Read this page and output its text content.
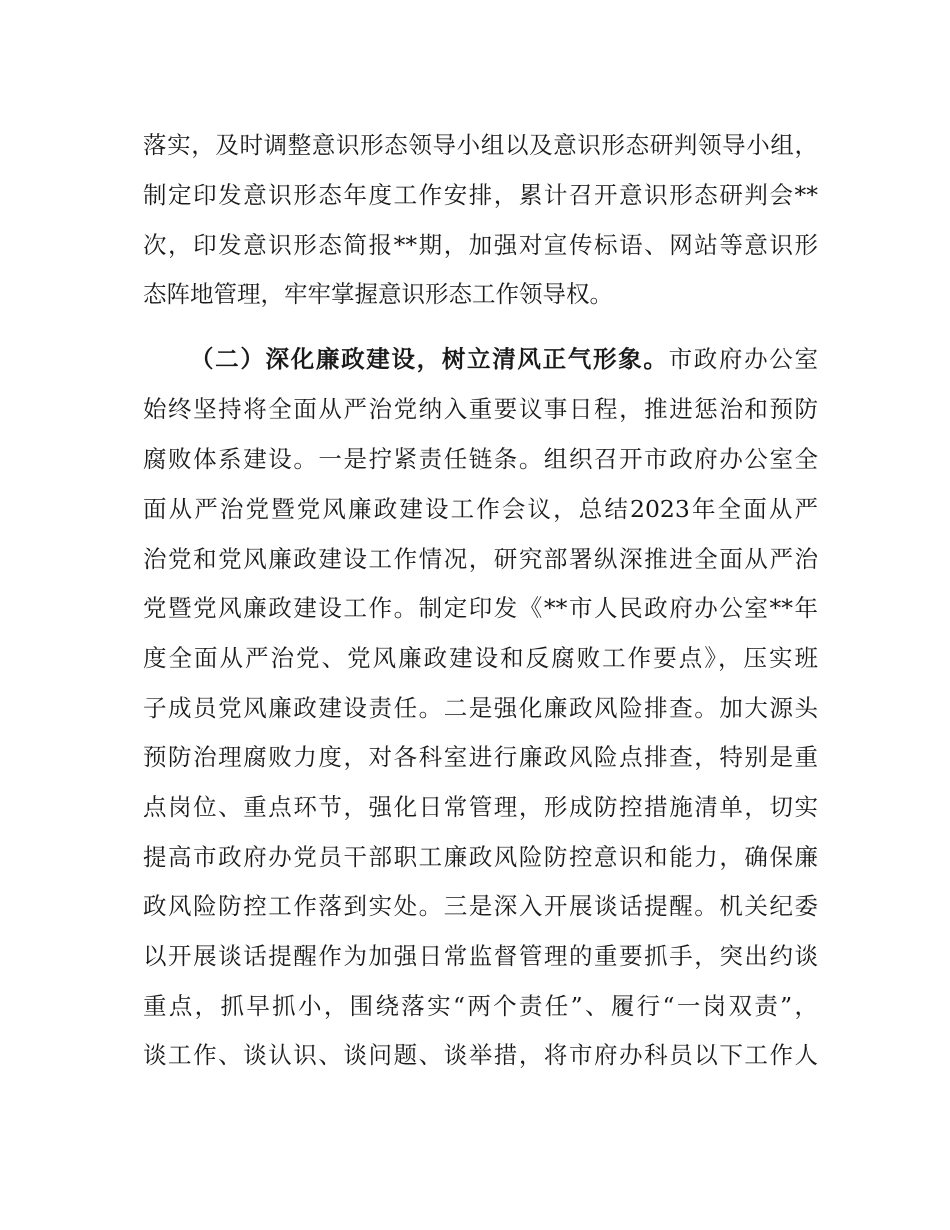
落实，及时调整意识形态领导小组以及意识形态研判领导小组，
制定印发意识形态年度工作安排，累计召开意识形态研判会**
次，印发意识形态简报**期，加强对宣传标语、网站等意识形
态阵地管理，牢牢掌握意识形态工作领导权。
（二）深化廉政建设，树立清风正气形象。市政府办公室
始终坚持将全面从严治党纳入重要议事日程，推进惩治和预防
腐败体系建设。一是拧紧责任链条。组织召开市政府办公室全
面从严治党暨党风廉政建设工作会议，总结2023年全面从严
治党和党风廉政建设工作情况，研究部署纵深推进全面从严治
党暨党风廉政建设工作。制定印发《**市人民政府办公室**年
度全面从严治党、党风廉政建设和反腐败工作要点》，压实班
子成员党风廉政建设责任。二是强化廉政风险排查。加大源头
预防治理腐败力度，对各科室进行廉政风险点排查，特别是重
点岗位、重点环节，强化日常管理，形成防控措施清单，切实
提高市政府办党员干部职工廉政风险防控意识和能力，确保廉
政风险防控工作落到实处。三是深入开展谈话提醒。机关纪委
以开展谈话提醒作为加强日常监督管理的重要抓手，突出约谈
重点，抓早抓小，围绕落实“两个责任”、履行“一岗双责”，
谈工作、谈认识、谈问题、谈举措，将市府办科员以下工作人
